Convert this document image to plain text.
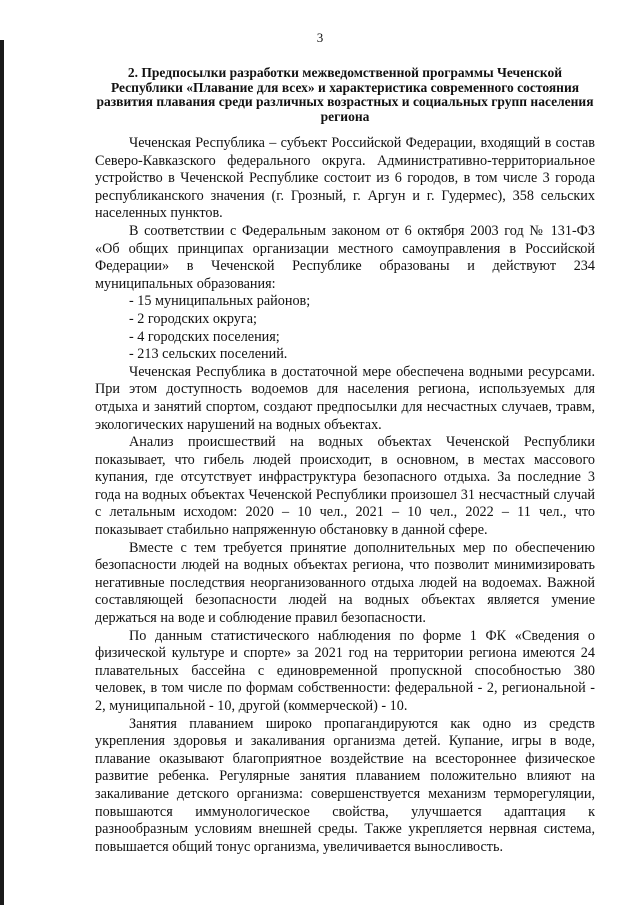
3
2. Предпосылки разработки межведомственной программы Чеченской Республики «Плавание для всех» и характеристика современного состояния развития плавания среди различных возрастных и социальных групп населения региона

Чеченская Республика – субъект Российской Федерации, входящий в состав Северо-Кавказского федерального округа. Административно-территориальное устройство в Чеченской Республике состоит из 6 городов, в том числе 3 города республиканского значения (г. Грозный, г. Аргун и г. Гудермес), 358 сельских населенных пунктов.

В соответствии с Федеральным законом от 6 октября 2003 год № 131-ФЗ «Об общих принципах организации местного самоуправления в Российской Федерации» в Чеченской Республике образованы и действуют 234 муниципальных образования:

- 15 муниципальных районов;

- 2 городских округа;

- 4 городских поселения;

- 213 сельских поселений.

Чеченская Республика в достаточной мере обеспечена водными ресурсами. При этом доступность водоемов для населения региона, используемых для отдыха и занятий спортом, создают предпосылки для несчастных случаев, травм, экологических нарушений на водных объектах.

Анализ происшествий на водных объектах Чеченской Республики показывает, что гибель людей происходит, в основном, в местах массового купания, где отсутствует инфраструктура безопасного отдыха. За последние 3 года на водных объектах Чеченской Республики произошел 31 несчастный случай с летальным исходом: 2020 – 10 чел., 2021 – 10 чел., 2022 – 11 чел., что показывает стабильно напряженную обстановку в данной сфере.

Вместе с тем требуется принятие дополнительных мер по обеспечению безопасности людей на водных объектах региона, что позволит минимизировать негативные последствия неорганизованного отдыха людей на водоемах. Важной составляющей безопасности людей на водных объектах является умение держаться на воде и соблюдение правил безопасности.

По данным статистического наблюдения по форме 1 ФК «Сведения о физической культуре и спорте» за 2021 год на территории региона имеются 24 плавательных бассейна с единовременной пропускной способностью 380 человек, в том числе по формам собственности: федеральной - 2, региональной - 2, муниципальной - 10, другой (коммерческой) - 10.

Занятия плаванием широко пропагандируются как одно из средств укрепления здоровья и закаливания организма детей. Купание, игры в воде, плавание оказывают благоприятное воздействие на всестороннее физическое развитие ребенка. Регулярные занятия плаванием положительно влияют на закаливание детского организма: совершенствуется механизм терморегуляции, повышаются иммунологическое свойства, улучшается адаптация к разнообразным условиям внешней среды. Также укрепляется нервная система, повышается общий тонус организма, увеличивается выносливость.
